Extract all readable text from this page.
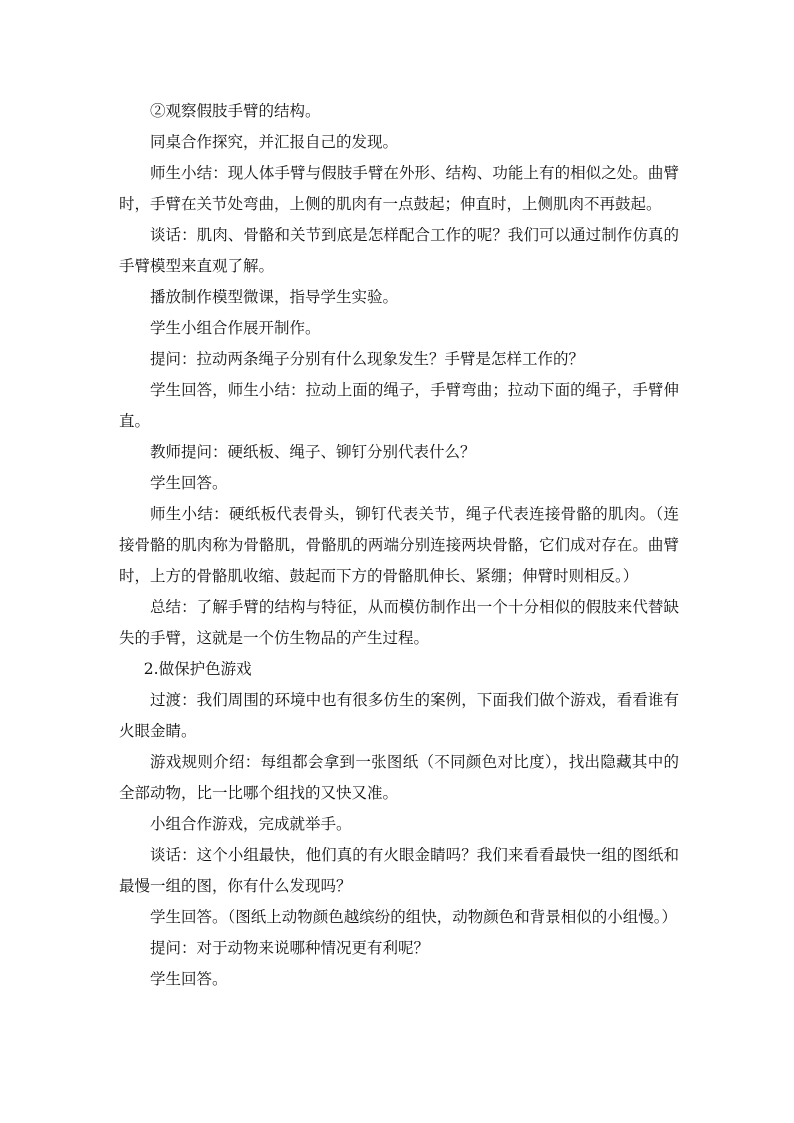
②观察假肢手臂的结构。

同桌合作探究，并汇报自己的发现。

师生小结：现人体手臂与假肢手臂在外形、结构、功能上有的相似之处。曲臂时，手臂在关节处弯曲，上侧的肌肉有一点鼓起；伸直时，上侧肌肉不再鼓起。

谈话：肌肉、骨骼和关节到底是怎样配合工作的呢？我们可以通过制作仿真的手臂模型来直观了解。

播放制作模型微课，指导学生实验。

学生小组合作展开制作。

提问：拉动两条绳子分别有什么现象发生？手臂是怎样工作的？

学生回答，师生小结：拉动上面的绳子，手臂弯曲；拉动下面的绳子，手臂伸直。

教师提问：硬纸板、绳子、铆钉分别代表什么？

学生回答。

师生小结：硬纸板代表骨头，铆钉代表关节，绳子代表连接骨骼的肌肉。（连接骨骼的肌肉称为骨骼肌，骨骼肌的两端分别连接两块骨骼，它们成对存在。曲臂时，上方的骨骼肌收缩、鼓起而下方的骨骼肌伸长、紧绷；伸臂时则相反。）

总结：了解手臂的结构与特征，从而模仿制作出一个十分相似的假肢来代替缺失的手臂，这就是一个仿生物品的产生过程。

2.做保护色游戏

过渡：我们周围的环境中也有很多仿生的案例，下面我们做个游戏，看看谁有火眼金睛。

游戏规则介绍：每组都会拿到一张图纸（不同颜色对比度），找出隐藏其中的全部动物，比一比哪个组找的又快又准。

小组合作游戏，完成就举手。

谈话：这个小组最快，他们真的有火眼金睛吗？我们来看看最快一组的图纸和最慢一组的图，你有什么发现吗？

学生回答。（图纸上动物颜色越缤纷的组快，动物颜色和背景相似的小组慢。）

提问：对于动物来说哪种情况更有利呢？

学生回答。
